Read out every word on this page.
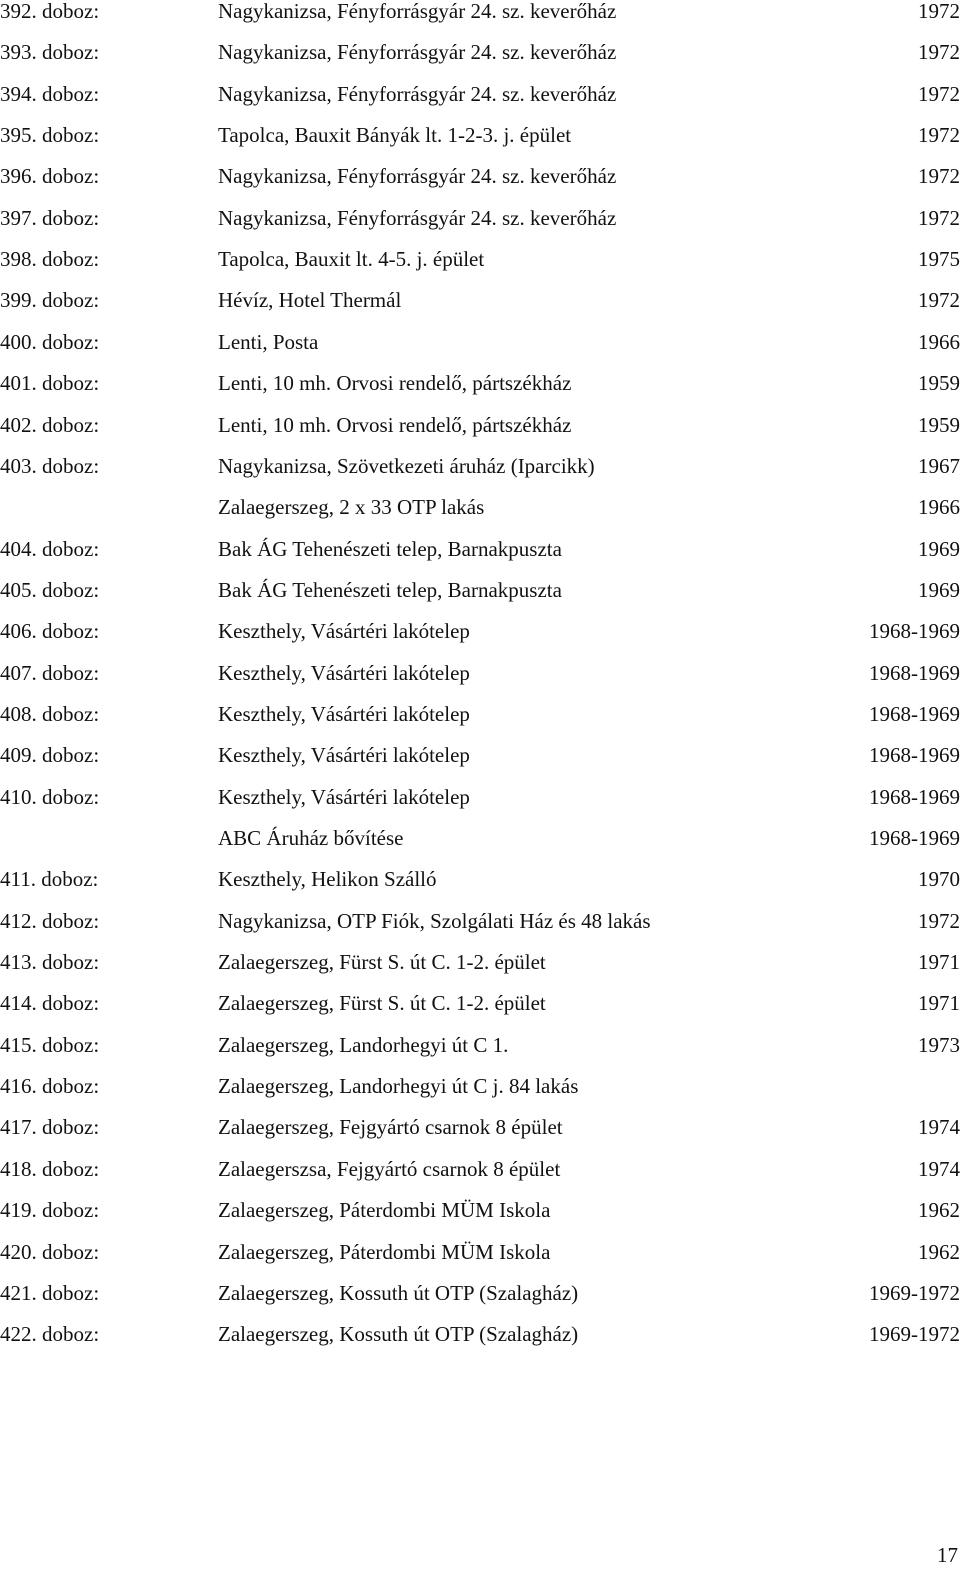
392. doboz:	Nagykanizsa, Fényforrásgyár 24. sz. keverőház	1972
393. doboz:	Nagykanizsa, Fényforrásgyár 24. sz. keverőház	1972
394. doboz:	Nagykanizsa, Fényforrásgyár 24. sz. keverőház	1972
395. doboz:	Tapolca, Bauxit Bányák lt. 1-2-3. j. épület	1972
396. doboz:	Nagykanizsa, Fényforrásgyár 24. sz. keverőház	1972
397. doboz:	Nagykanizsa, Fényforrásgyár 24. sz. keverőház	1972
398. doboz:	Tapolca, Bauxit lt. 4-5. j. épület	1975
399. doboz:	Hévíz, Hotel Thermál	1972
400. doboz:	Lenti, Posta	1966
401. doboz:	Lenti, 10 mh. Orvosi rendelő, pártszékház	1959
402. doboz:	Lenti, 10 mh. Orvosi rendelő, pártszékház	1959
403. doboz:	Nagykanizsa, Szövetkezeti áruház (Iparcikk)	1967
Zalaegerszeg, 2 x 33 OTP lakás	1966
404. doboz:	Bak ÁG Tehenészeti telep, Barnakpuszta	1969
405. doboz:	Bak ÁG Tehenészeti telep, Barnakpuszta	1969
406. doboz:	Keszthely, Vásártéri lakótelep	1968-1969
407. doboz:	Keszthely, Vásártéri lakótelep	1968-1969
408. doboz:	Keszthely, Vásártéri lakótelep	1968-1969
409. doboz:	Keszthely, Vásártéri lakótelep	1968-1969
410. doboz:	Keszthely, Vásártéri lakótelep	1968-1969
ABC Áruház bővítése	1968-1969
411. doboz:	Keszthely, Helikon Szálló	1970
412. doboz:	Nagykanizsa, OTP Fiók, Szolgálati Ház és 48 lakás	1972
413. doboz:	Zalaegerszeg, Fürst S. út C. 1-2. épület	1971
414. doboz:	Zalaegerszeg, Fürst S. út C. 1-2. épület	1971
415. doboz:	Zalaegerszeg, Landorhegyi út C 1.	1973
416. doboz:	Zalaegerszeg, Landorhegyi út C j. 84 lakás
417. doboz:	Zalaegerszeg, Fejgyártó csarnok 8 épület	1974
418. doboz:	Zalaegerszsa, Fejgyártó csarnok 8 épület	1974
419. doboz:	Zalaegerszeg, Páterdombi MÜM Iskola	1962
420. doboz:	Zalaegerszeg, Páterdombi MÜM Iskola	1962
421. doboz:	Zalaegerszeg, Kossuth út OTP (Szalagház)	1969-1972
422. doboz:	Zalaegerszeg, Kossuth út OTP (Szalagház)	1969-1972
17
